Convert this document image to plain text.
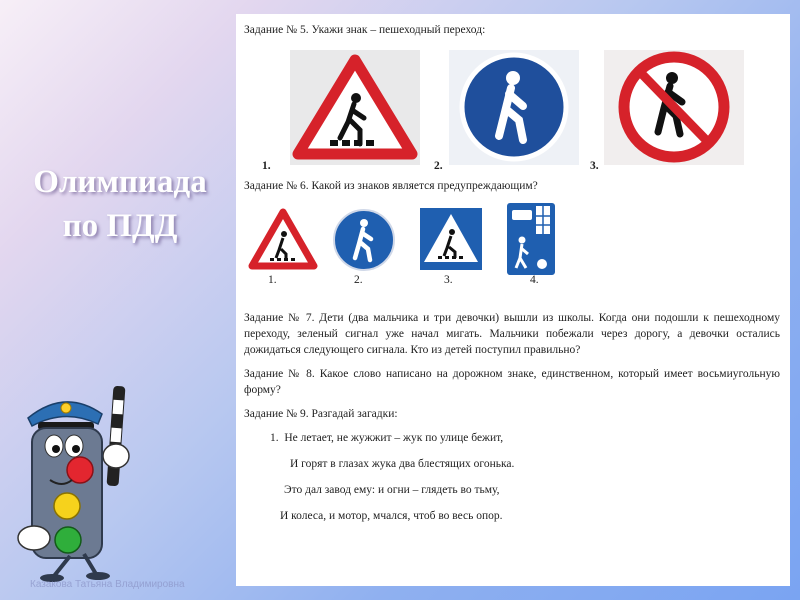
Олимпиада
по ПДД
Казакова Татьяна Владимировна

Задание № 5. Укажи знак – пешеходный переход:

1.	2.	3.

Задание № 6. Какой из знаков является предупреждающим?

1.	2.	3.	4.

Задание № 7. Дети (два мальчика и три девочки) вышли из школы. Когда они подошли к пешеходному переходу, зеленый сигнал уже начал мигать. Мальчики побежали через дорогу, а девочки остались дожидаться следующего сигнала. Кто из детей поступил правильно?

Задание № 8. Какое слово написано на дорожном знаке, единственном, который имеет восьмиугольную форму?

Задание № 9. Разгадай загадки:

1. Не летает, не жужжит – жук по улице бежит,

И горят в глазах жука два блестящих огонька.

Это дал завод ему: и огни – глядеть во тьму,

И колеса, и мотор, мчался, чтоб во весь опор.
